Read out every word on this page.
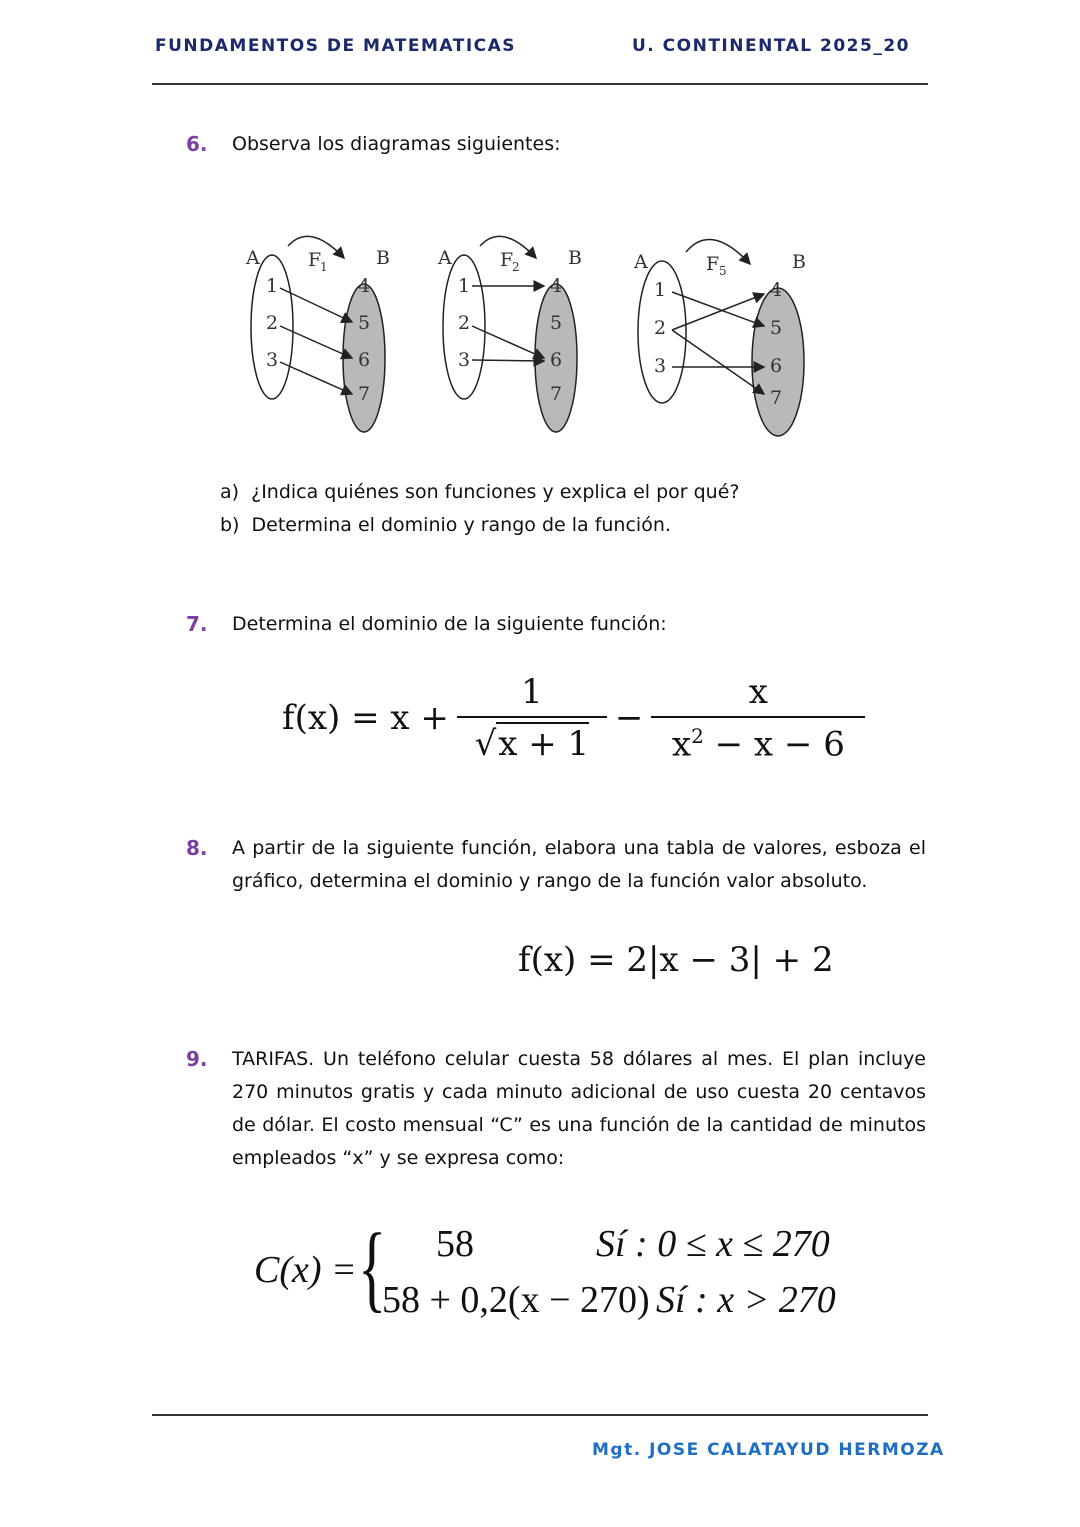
FUNDAMENTOS DE MATEMATICAS	U. CONTINENTAL 2025_20
6. Observa los diagramas siguientes:
A	B
F
1
1
2
3
4
5
6
7
A	B
F
2
1
2
3
4
5
6
7
A	B
F 5
1
2
3
4
5
6
7
a) ¿Indica quiénes son funciones y explica el por qué?
b) Determina el dominio y rango de la función.
7. Determina el dominio de la siguiente función:
$f(x) = x + \frac{1}{√x + 1} - \frac{x}{x^2 - x - 6}$
8. A partir de la siguiente función, elabora una tabla de valores, esboza el gráfico, determina el dominio y rango de la función valor absoluto.
f(x) = 2|x − 3| + 2
9. TARIFAS. Un teléfono celular cuesta 58 dólares al mes. El plan incluye 270 minutos gratis y cada minuto adicional de uso cuesta 20 centavos de dólar. El costo mensual “C” es una función de la cantidad de minutos empleados “x” y se expresa como:
C(x) = { 58	Sí : 0 ≤ x ≤ 270
58 + 0,2(x − 270) Sí : x > 270
Mgt. JOSE CALATAYUD HERMOZA
